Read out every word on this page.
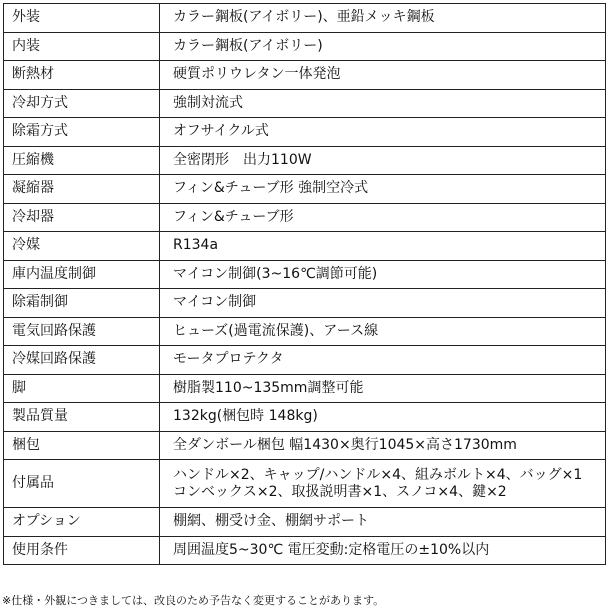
外装	カラー鋼板(アイボリー)、亜鉛メッキ鋼板
内装	カラー鋼板(アイボリー)
断熱材	硬質ポリウレタン一体発泡
冷却方式	強制対流式
除霜方式	オフサイクル式
圧縮機	全密閉形　出力110W
凝縮器	フィン&チューブ形 強制空冷式
冷却器	フィン&チューブ形
冷媒	R134a
庫内温度制御	マイコン制御(3~16℃調節可能)
除霜制御	マイコン制御
電気回路保護	ヒューズ(過電流保護)、アース線
冷媒回路保護	モータプロテクタ
脚	樹脂製110~135mm調整可能
製品質量	132kg(梱包時 148kg)
梱包	全ダンボール梱包 幅1430×奥行1045×高さ1730mm
付属品	ハンドル×2、キャップ/ハンドル×4、組みボルト×4、バッグ×1
コンベックス×2、取扱説明書×1、スノコ×4、鍵×2

オプション	棚網、棚受け金、棚網サポート
使用条件	周囲温度5~30℃ 電圧変動:定格電圧の±10%以内
※仕様・外観につきましては、改良のため予告なく変更することがあります。
